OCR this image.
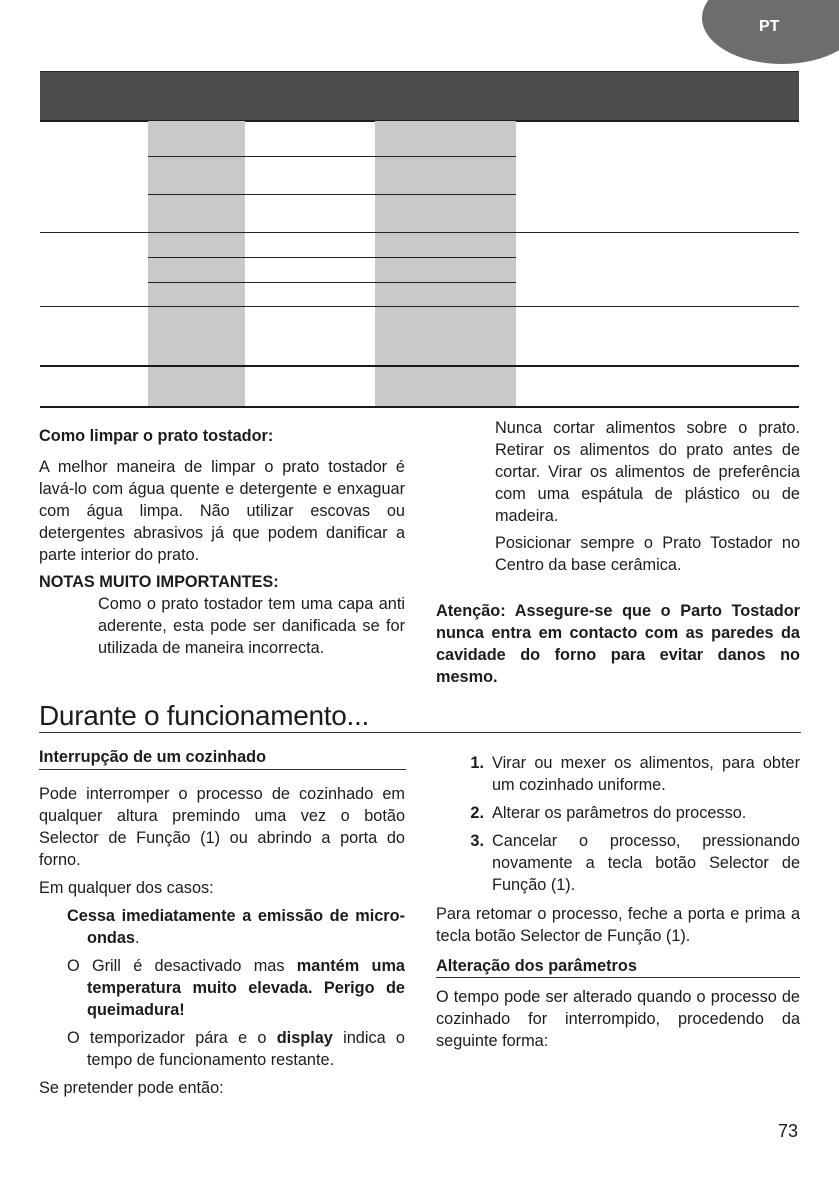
PT

Como limpar o prato tostador:

A melhor maneira de limpar o prato tostador é lavá-lo com água quente e detergente e enxaguar com água limpa. Não utilizar escovas ou detergentes abrasivos já que podem danificar a parte interior do prato.

NOTAS MUITO IMPORTANTES:

Como o prato tostador tem uma capa anti aderente, esta pode ser danificada se for utilizada de maneira incorrecta.

Nunca cortar alimentos sobre o prato. Retirar os alimentos do prato antes de cortar. Virar os alimentos de preferência com uma espátula de plástico ou de madeira.

Posicionar sempre o Prato Tostador no Centro da base cerâmica.

Atenção: Assegure-se que o Parto Tostador nunca entra em contacto com as paredes da cavidade do forno para evitar danos no mesmo.
Durante o funcionamento...

Interrupção de um cozinhado

Pode interromper o processo de cozinhado em qualquer altura premindo uma vez o botão Selector de Função (1) ou abrindo a porta do forno.

Em qualquer dos casos:

Cessa imediatamente a emissão de micro-ondas.

O Grill é desactivado mas mantém uma temperatura muito elevada. Perigo de queimadura!

O temporizador pára e o display indica o tempo de funcionamento restante.

Se pretender pode então:

1. Virar ou mexer os alimentos, para obter um cozinhado uniforme.
2. Alterar os parâmetros do processo.
3. Cancelar o processo, pressionando novamente a tecla botão Selector de Função (1).

Para retomar o processo, feche a porta e prima a tecla botão Selector de Função (1).

Alteração dos parâmetros

O tempo pode ser alterado quando o processo de cozinhado for interrompido, procedendo da seguinte forma:

73
